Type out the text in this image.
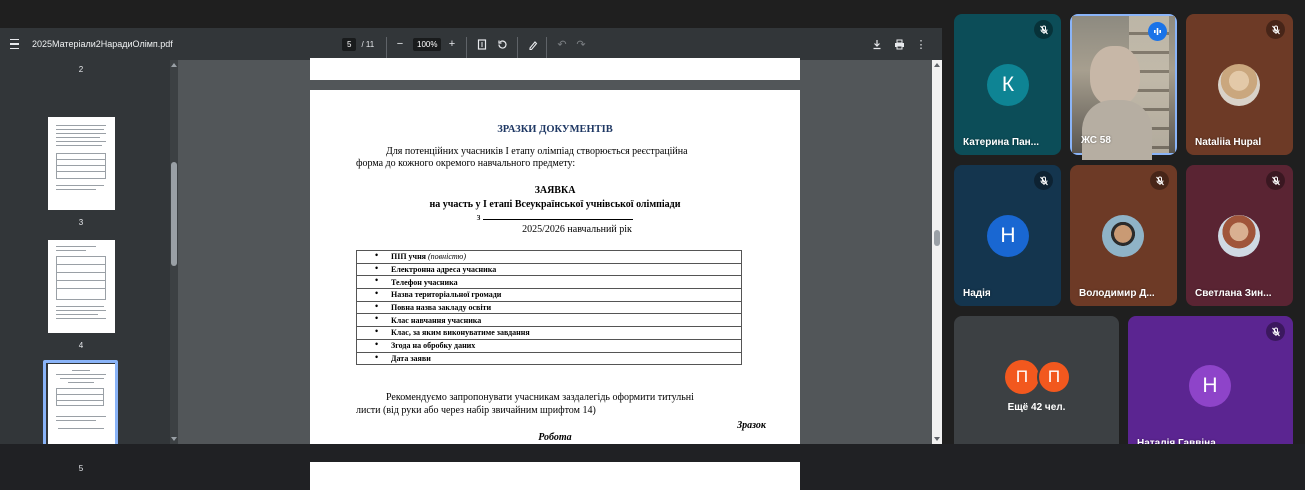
2025Матеріали2НарадиОлімп.pdf	5	/ 11	−	100%	+	↶ ↷	⋮
2
3
4
5
ЗРАЗКИ ДОКУМЕНТІВ
Для потенційних учасників І етапу олімпіад створюється реєстраційна
форма до кожного окремого навчального предмету:
ЗАЯВКА
на участь у І етапі Всеукраїнської учнівської олімпіади
з
2025/2026 навчальний рік
• ПІП учня (повністю)
• Електронна адреса учасника
• Телефон учасника
• Назва територіальної громади
• Повна назва закладу освіти
• Клас навчання учасника
• Клас, за яким виконуватиме завдання
• Згода на обробку даних
• Дата заяви
Рекомендуємо запропонувати учасникам заздалегідь оформити титульні
листи (від руки або через набір звичайним шрифтом 14)
Зразок
Робота
К
Катерина Пан...	ЖС 58	Nataliia Hupal
Н
Надія	Володимир Д...	Светлана Зин...
П	П
Ещё 42 чел.
Н
